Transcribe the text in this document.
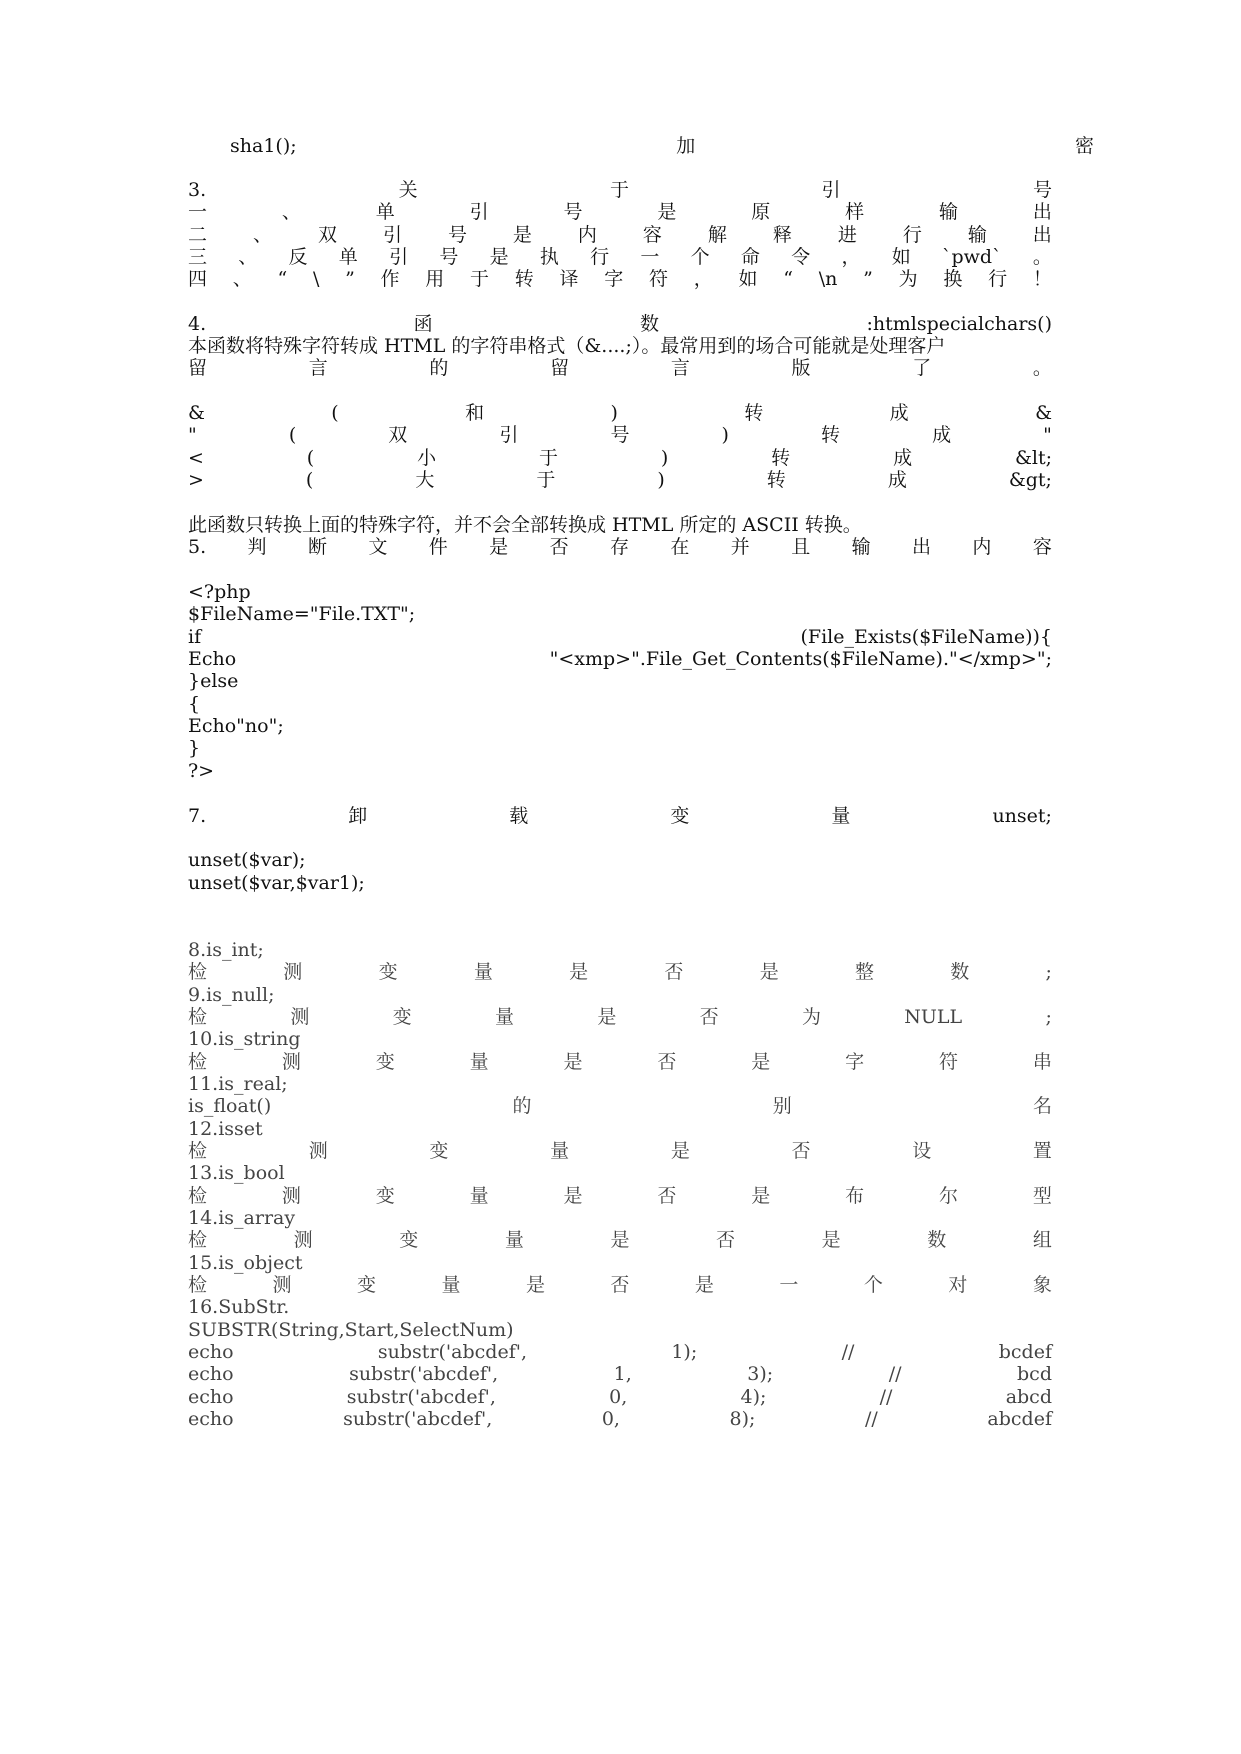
sha1();	加	密
3.	关	于	引	号
一	、	单	引	号	是	原	样	输	出
二 、 双 引 号 是 内 容 解 释 进 行 输 出
三 、 反 单 引 号 是 执 行 一 个 命 令 ， 如 `pwd` 。
四 、 “ \ ” 作 用 于 转 译 字 符 ， 如 “ \n ” 为 换 行 ！
4.	函	数	:htmlspecialchars()
本函数将特殊字符转成 HTML 的字符串格式（&....;）。最常用到的场合可能就是处理客户
留	言	的	留	言	版	了	。
&	(	和	)	转	成	&
"	(	双	引	号	)	转	成	"
<	(	小	于	)	转	成	&lt;
>	(	大	于	)	转	成	&gt;
此函数只转换上面的特殊字符，并不会全部转换成 HTML 所定的 ASCII 转换。
5. 判 断 文 件 是 否 存 在 并 且 输 出 内 容
<?php
$FileName="File.TXT";
if	(File_Exists($FileName)){
Echo	"<xmp>".File_Get_Contents($FileName)."</xmp>";
}else
{
Echo"no";
}
?>
7.	卸	载	变	量	unset;
unset($var);
unset($var,$var1);
8.is_int;
检	测	变	量	是	否	是	整	数	;
9.is_null;
检	测	变	量	是	否	为	NULL	;
10.is_string
检	测	变	量	是	否	是	字	符	串
11.is_real;
is_float()	的	别	名
12.isset
检	测	变	量	是	否	设	置
13.is_bool
检	测	变	量	是	否	是	布	尔	型
14.is_array
检	测	变	量	是	否	是	数	组
15.is_object
检	测	变	量	是	否	是	一	个	对	象
16.SubStr.
SUBSTR(String,Start,SelectNum)
echo	substr('abcdef',	1);	//	bcdef
echo	substr('abcdef',	1,	3);	//	bcd
echo	substr('abcdef',	0,	4);	//	abcd
echo	substr('abcdef',	0,	8);	//	abcdef
